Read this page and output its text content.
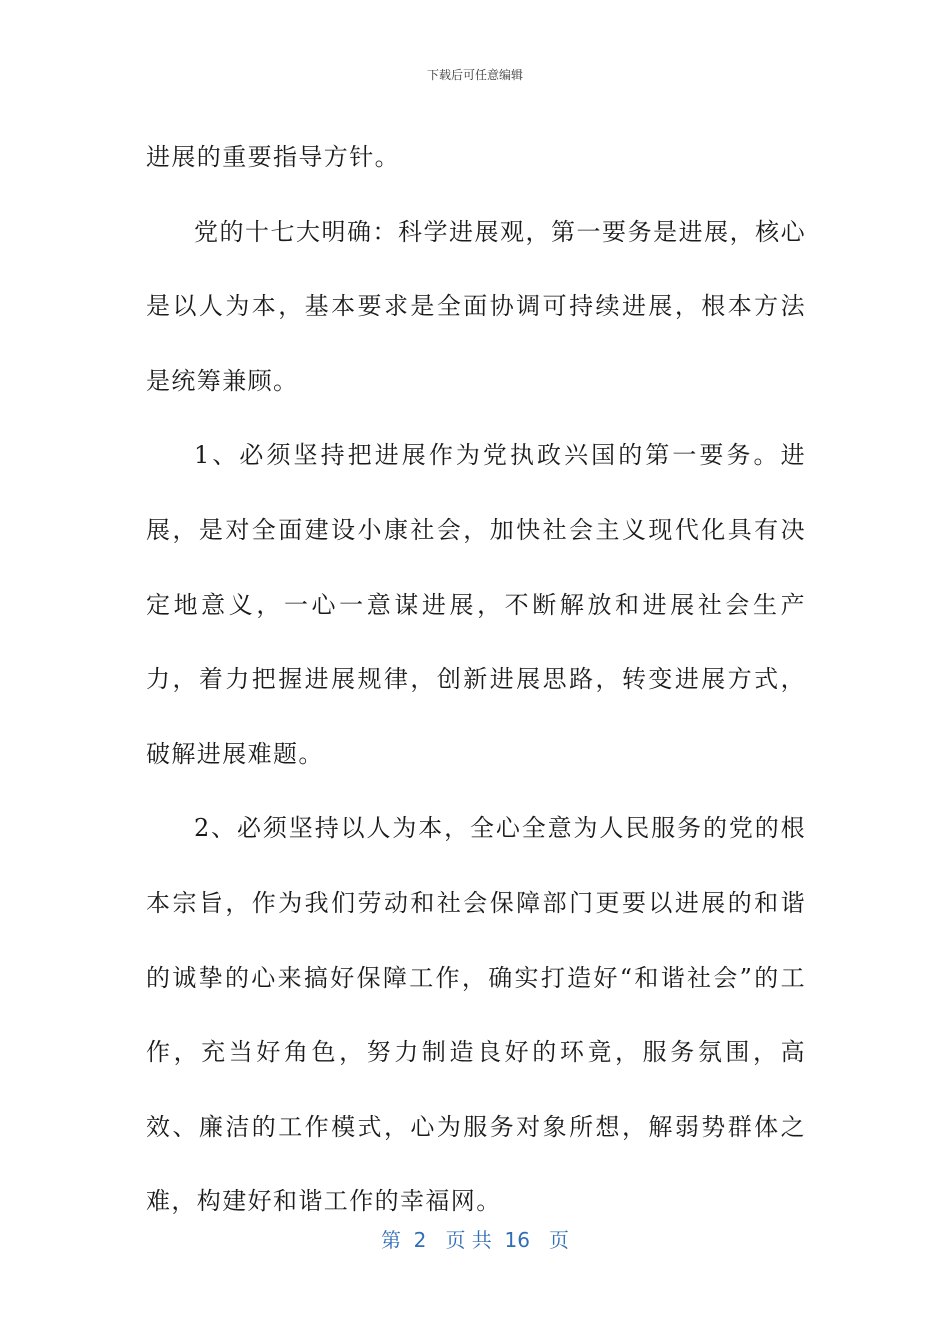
下载后可任意编辑

进展的重要指导方针。

党的十七大明确：科学进展观，第一要务是进展，核心是以人为本，基本要求是全面协调可持续进展，根本方法是统筹兼顾。

1、必须坚持把进展作为党执政兴国的第一要务。进展，是对全面建设小康社会，加快社会主义现代化具有决定地意义，一心一意谋进展，不断解放和进展社会生产力，着力把握进展规律，创新进展思路，转变进展方式，破解进展难题。

2、必须坚持以人为本，全心全意为人民服务的党的根本宗旨，作为我们劳动和社会保障部门更要以进展的和谐的诚挚的心来搞好保障工作，确实打造好“和谐社会”的工作，充当好角色，努力制造良好的环竟，服务氛围，高效、廉洁的工作模式，心为服务对象所想，解弱势群体之难，构建好和谐工作的幸福网。

第  2   页 共  16   页
